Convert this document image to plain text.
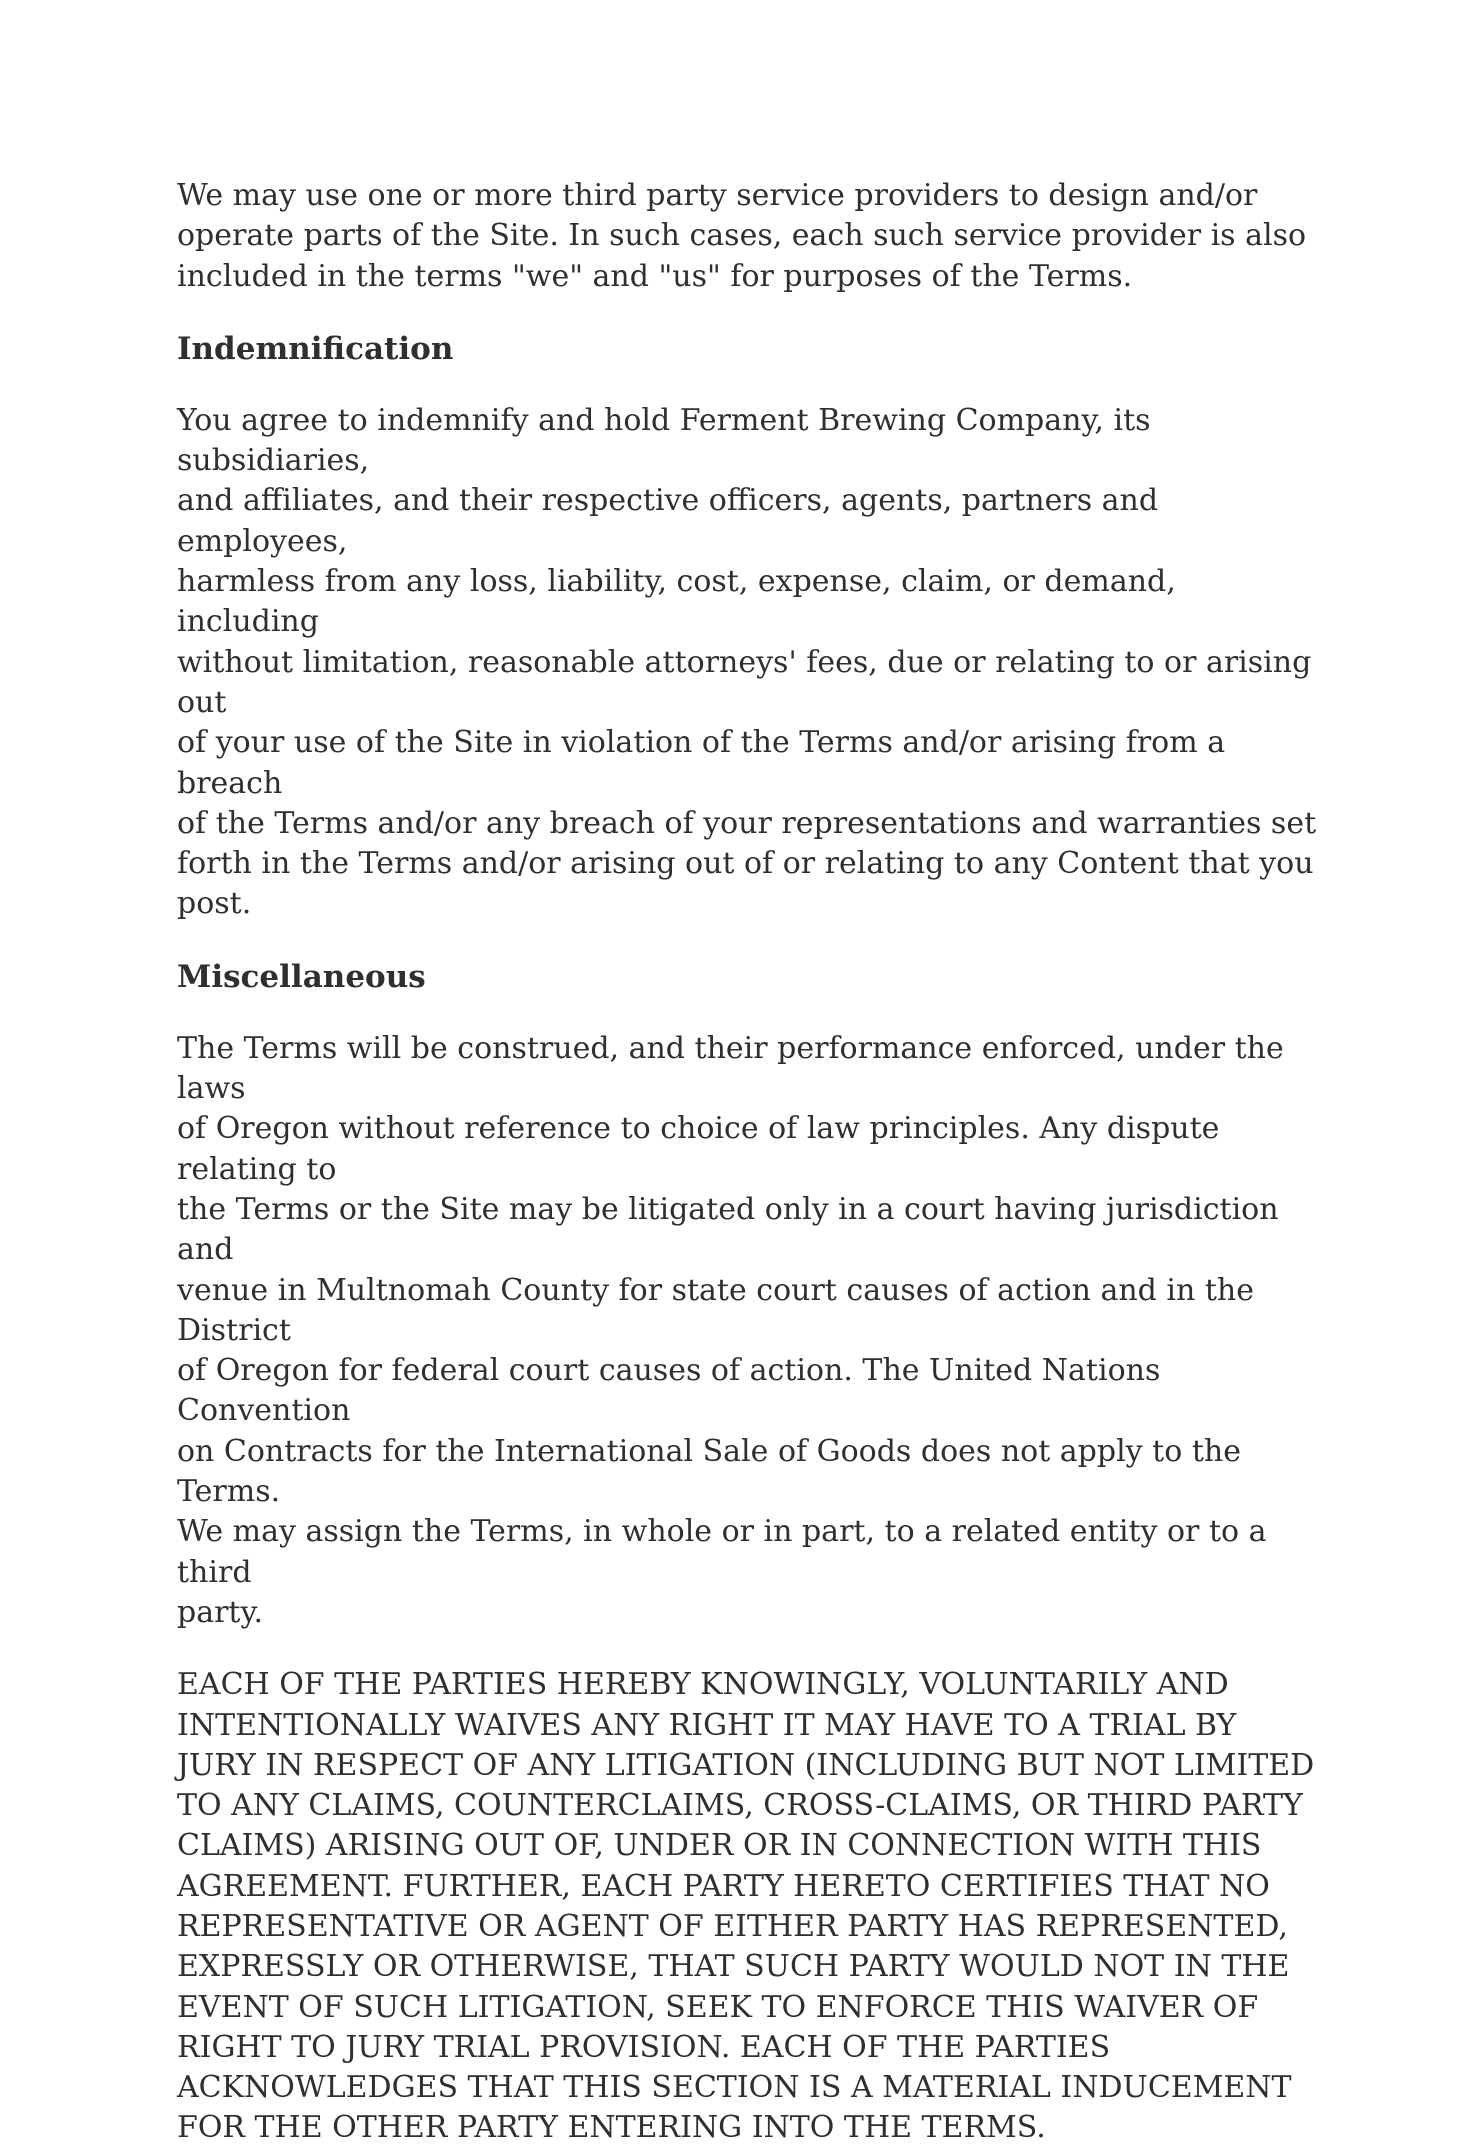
We may use one or more third party service providers to design and/or
operate parts of the Site. In such cases, each such service provider is also
included in the terms "we" and "us" for purposes of the Terms.

Indemnification

You agree to indemnify and hold Ferment Brewing Company, its subsidiaries,
and affiliates, and their respective officers, agents, partners and employees,
harmless from any loss, liability, cost, expense, claim, or demand, including
without limitation, reasonable attorneys' fees, due or relating to or arising out
of your use of the Site in violation of the Terms and/or arising from a breach
of the Terms and/or any breach of your representations and warranties set
forth in the Terms and/or arising out of or relating to any Content that you
post.

Miscellaneous

The Terms will be construed, and their performance enforced, under the laws
of Oregon without reference to choice of law principles. Any dispute relating to
the Terms or the Site may be litigated only in a court having jurisdiction and
venue in Multnomah County for state court causes of action and in the District
of Oregon for federal court causes of action. The United Nations Convention
on Contracts for the International Sale of Goods does not apply to the Terms.
We may assign the Terms, in whole or in part, to a related entity or to a third
party.

EACH OF THE PARTIES HEREBY KNOWINGLY, VOLUNTARILY AND
INTENTIONALLY WAIVES ANY RIGHT IT MAY HAVE TO A TRIAL BY
JURY IN RESPECT OF ANY LITIGATION (INCLUDING BUT NOT LIMITED
TO ANY CLAIMS, COUNTERCLAIMS, CROSS-CLAIMS, OR THIRD PARTY
CLAIMS) ARISING OUT OF, UNDER OR IN CONNECTION WITH THIS
AGREEMENT. FURTHER, EACH PARTY HERETO CERTIFIES THAT NO
REPRESENTATIVE OR AGENT OF EITHER PARTY HAS REPRESENTED,
EXPRESSLY OR OTHERWISE, THAT SUCH PARTY WOULD NOT IN THE
EVENT OF SUCH LITIGATION, SEEK TO ENFORCE THIS WAIVER OF
RIGHT TO JURY TRIAL PROVISION. EACH OF THE PARTIES
ACKNOWLEDGES THAT THIS SECTION IS A MATERIAL INDUCEMENT
FOR THE OTHER PARTY ENTERING INTO THE TERMS.
